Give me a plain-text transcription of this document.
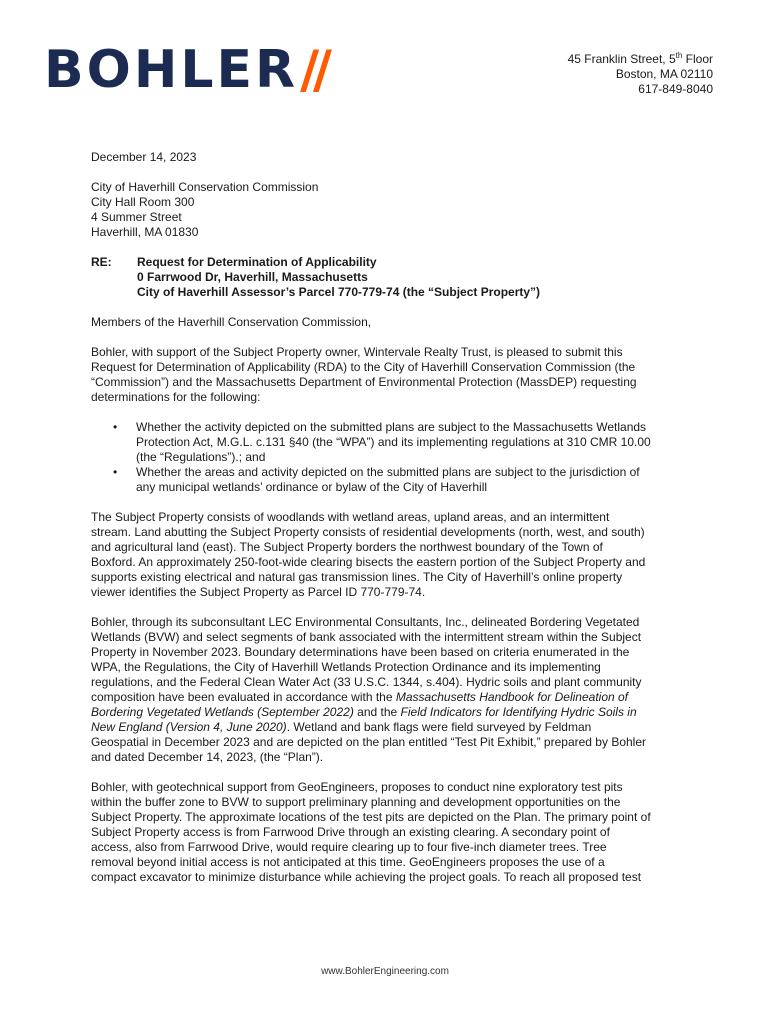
BOHLER//	45 Franklin Street, 5th Floor
Boston, MA 02110
617-849-8040
December 14, 2023
City of Haverhill Conservation Commission
City Hall Room 300
4 Summer Street
Haverhill, MA 01830
RE:	Request for Determination of Applicability
0 Farrwood Dr, Haverhill, Massachusetts
City of Haverhill Assessor’s Parcel 770-779-74 (the “Subject Property”)
Members of the Haverhill Conservation Commission,
Bohler, with support of the Subject Property owner, Wintervale Realty Trust, is pleased to submit this
Request for Determination of Applicability (RDA) to the City of Haverhill Conservation Commission (the
“Commission”) and the Massachusetts Department of Environmental Protection (MassDEP) requesting
determinations for the following:
•	Whether the activity depicted on the submitted plans are subject to the Massachusetts Wetlands
Protection Act, M.G.L. c.131 §40 (the “WPA”) and its implementing regulations at 310 CMR 10.00
(the “Regulations”).; and
•	Whether the areas and activity depicted on the submitted plans are subject to the jurisdiction of
any municipal wetlands’ ordinance or bylaw of the City of Haverhill
The Subject Property consists of woodlands with wetland areas, upland areas, and an intermittent
stream. Land abutting the Subject Property consists of residential developments (north, west, and south)
and agricultural land (east). The Subject Property borders the northwest boundary of the Town of
Boxford. An approximately 250-foot-wide clearing bisects the eastern portion of the Subject Property and
supports existing electrical and natural gas transmission lines. The City of Haverhill’s online property
viewer identifies the Subject Property as Parcel ID 770-779-74.
Bohler, through its subconsultant LEC Environmental Consultants, Inc., delineated Bordering Vegetated
Wetlands (BVW) and select segments of bank associated with the intermittent stream within the Subject
Property in November 2023. Boundary determinations have been based on criteria enumerated in the
WPA, the Regulations, the City of Haverhill Wetlands Protection Ordinance and its implementing
regulations, and the Federal Clean Water Act (33 U.S.C. 1344, s.404). Hydric soils and plant community
composition have been evaluated in accordance with the Massachusetts Handbook for Delineation of
Bordering Vegetated Wetlands (September 2022) and the Field Indicators for Identifying Hydric Soils in
New England (Version 4, June 2020). Wetland and bank flags were field surveyed by Feldman
Geospatial in December 2023 and are depicted on the plan entitled “Test Pit Exhibit,” prepared by Bohler
and dated December 14, 2023, (the “Plan”).
Bohler, with geotechnical support from GeoEngineers, proposes to conduct nine exploratory test pits
within the buffer zone to BVW to support preliminary planning and development opportunities on the
Subject Property. The approximate locations of the test pits are depicted on the Plan. The primary point of
Subject Property access is from Farrwood Drive through an existing clearing. A secondary point of
access, also from Farrwood Drive, would require clearing up to four five-inch diameter trees. Tree
removal beyond initial access is not anticipated at this time. GeoEngineers proposes the use of a
compact excavator to minimize disturbance while achieving the project goals. To reach all proposed test
www.BohlerEngineering.com
